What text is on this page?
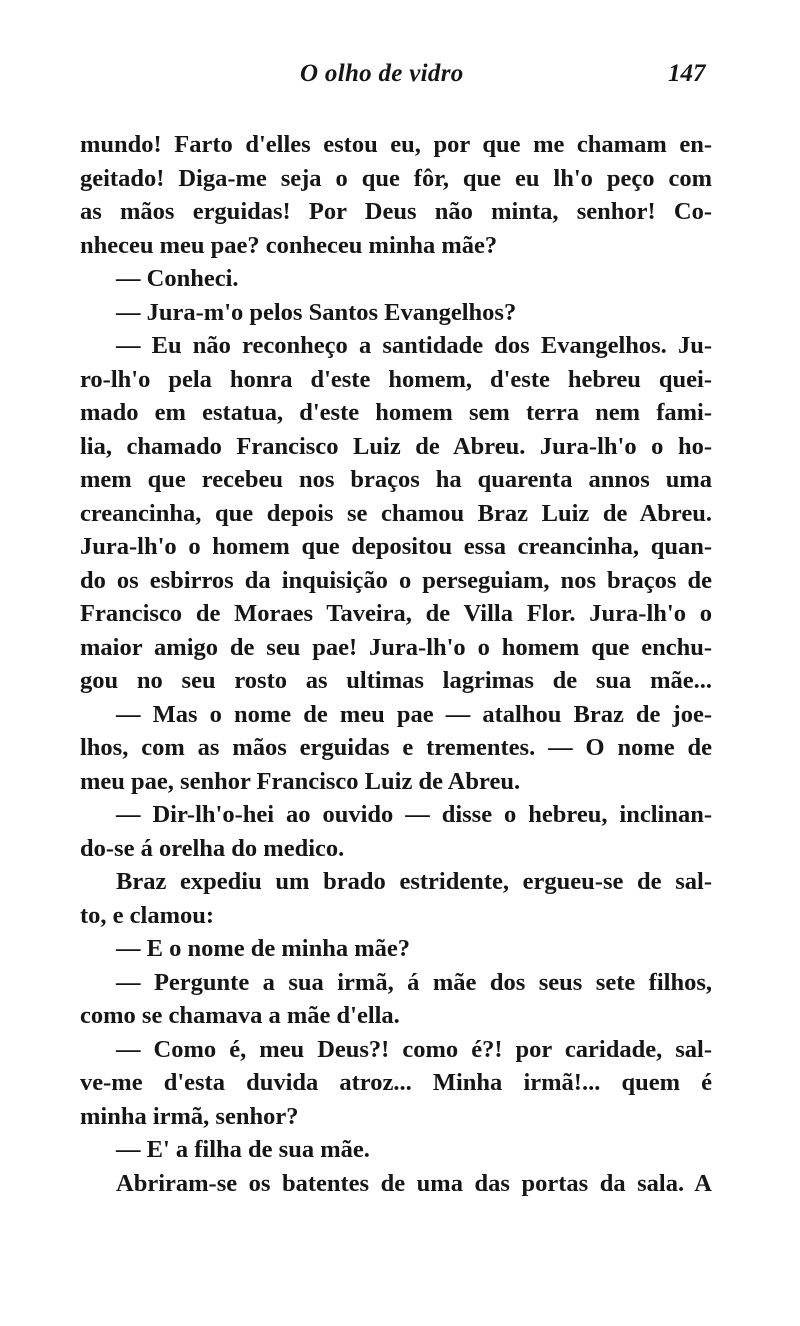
O olho de vidro	147
mundo! Farto d'elles estou eu, por que me chamam en-
geitado! Diga-me seja o que fôr, que eu lh'o peço com
as mãos erguidas! Por Deus não minta, senhor! Co-
nheceu meu pae? conheceu minha mãe?
— Conheci.
— Jura-m'o pelos Santos Evangelhos?
— Eu não reconheço a santidade dos Evangelhos. Ju-
ro-lh'o pela honra d'este homem, d'este hebreu quei-
mado em estatua, d'este homem sem terra nem fami-
lia, chamado Francisco Luiz de Abreu. Jura-lh'o o ho-
mem que recebeu nos braços ha quarenta annos uma
creancinha, que depois se chamou Braz Luiz de Abreu.
Jura-lh'o o homem que depositou essa creancinha, quan-
do os esbirros da inquisição o perseguiam, nos braços de
Francisco de Moraes Taveira, de Villa Flor. Jura-lh'o o
maior amigo de seu pae! Jura-lh'o o homem que enchu-
gou no seu rosto as ultimas lagrimas de sua mãe...
— Mas o nome de meu pae — atalhou Braz de joe-
lhos, com as mãos erguidas e trementes. — O nome de
meu pae, senhor Francisco Luiz de Abreu.
— Dir-lh'o-hei ao ouvido — disse o hebreu, inclinan-
do-se á orelha do medico.
Braz expediu um brado estridente, ergueu-se de sal-
to, e clamou:
— E o nome de minha mãe?
— Pergunte a sua irmã, á mãe dos seus sete filhos,
como se chamava a mãe d'ella.
— Como é, meu Deus?! como é?! por caridade, sal-
ve-me d'esta duvida atroz... Minha irmã!... quem é
minha irmã, senhor?
— E' a filha de sua mãe.
Abriram-se os batentes de uma das portas da sala. A
